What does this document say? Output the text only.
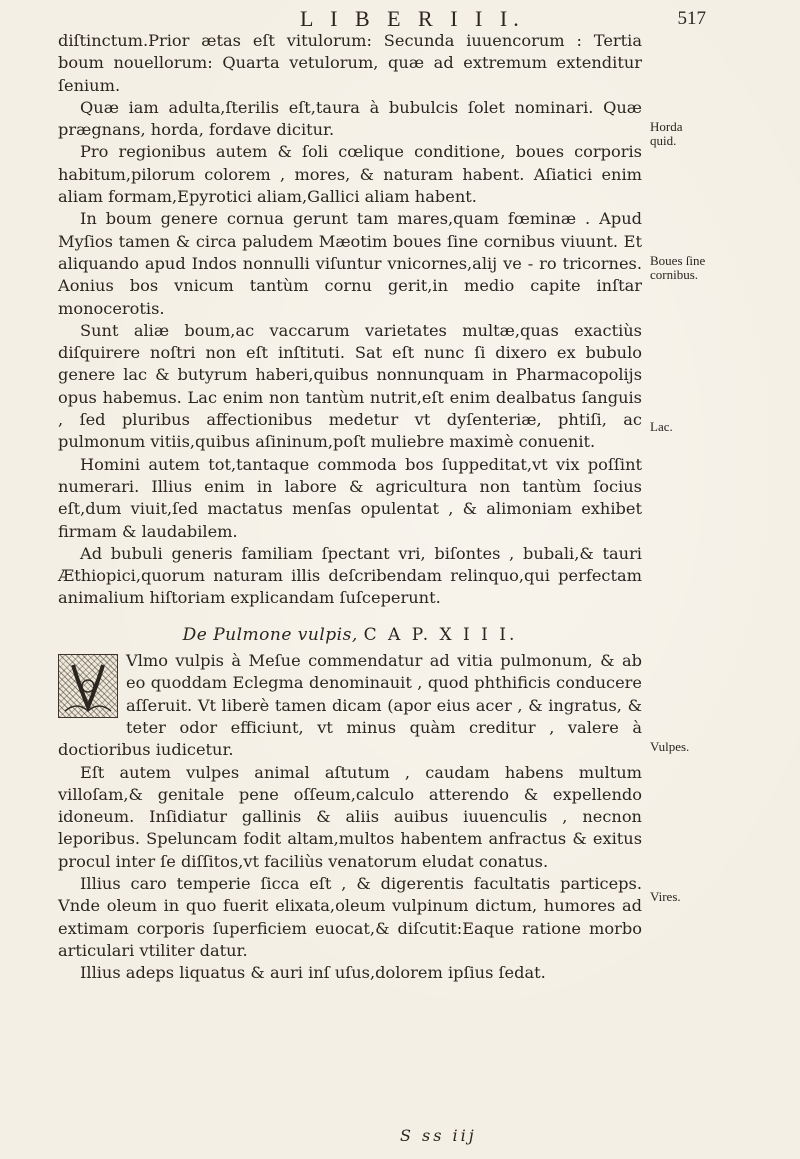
L I B E R I I I.	517

diſtinctum.Prior ætas eſt vitulorum: Secunda iuuencorum : Tertia boum nouellorum: Quarta vetulorum, quæ ad extremum extenditur ſenium.

Quæ iam adulta,ſterilis eſt,taura à bubulcis ſolet nominari. Quæ prægnans, horda, fordave dicitur.

Pro regionibus autem & ſoli cœlique conditione, boues corporis habitum,pilorum colorem , mores, & naturam habent. Aſiatici enim aliam formam,Epyrotici aliam,Gallici aliam habent.

In boum genere cornua gerunt tam mares,quam fœminæ . Apud Myſios tamen & circa paludem Mæotim boues ſine cornibus viuunt. Et aliquando apud Indos nonnulli viſuntur vnicornes,alij ve - ro tricornes. Aonius bos vnicum tantùm cornu gerit,in medio capite inſtar monocerotis.

Sunt aliæ boum,ac vaccarum varietates multæ,quas exactiùs diſquirere noſtri non eſt inſtituti. Sat eſt nunc ſi dixero ex bubulo genere lac & butyrum haberi,quibus nonnunquam in Pharmacopolijs opus habemus. Lac enim non tantùm nutrit,eſt enim dealbatus ſanguis , ſed pluribus affectionibus medetur vt dyſenteriæ, phtiſi, ac pulmonum vitiis,quibus aſininum,poſt muliebre maximè conuenit.

Homini autem tot,tantaque commoda bos ſuppeditat,vt vix poſſint numerari. Illius enim in labore & agricultura non tantùm ſocius eſt,dum viuit,ſed mactatus menſas opulentat , & alimoniam exhibet firmam & laudabilem.

Ad bubuli generis familiam ſpectant vri, biſontes , bubali,& tauri Æthiopici,quorum naturam illis deſcribendam relinquo,qui perfectam animalium hiſtoriam explicandam ſuſceperunt.

De Pulmone vulpis, C A P. X I I I.

Vlmo vulpis à Meſue commendatur ad vitia pulmonum, & ab eo quoddam Eclegma denominauit , quod phthificis conducere aſſeruit. Vt liberè tamen dicam (apor eius acer , & ingratus, & teter odor efficiunt, vt minus quàm creditur , valere à doctioribus iudicetur.

Eſt autem vulpes animal aſtutum , caudam habens multum villoſam,& genitale pene oſſeum,calculo atterendo & expellendo idoneum. Inſidiatur gallinis & aliis auibus iuuenculis , necnon leporibus. Speluncam fodit altam,multos habentem anfractus & exitus procul inter ſe diſſitos,vt faciliùs venatorum eludat conatus.

Illius caro temperie ſicca eſt , & digerentis facultatis particeps. Vnde oleum in quo fuerit elixata,oleum vulpinum dictum, humores ad extimam corporis ſuperficiem euocat,& diſcutit:Eaque ratione morbo articulari vtiliter datur.

Illius adeps liquatus & auri inſ uſus,dolorem ipſius ſedat.

Horda quid.
Boues ſine cornibus.
Lac.
Vulpes.
Vires.
S ss iij
